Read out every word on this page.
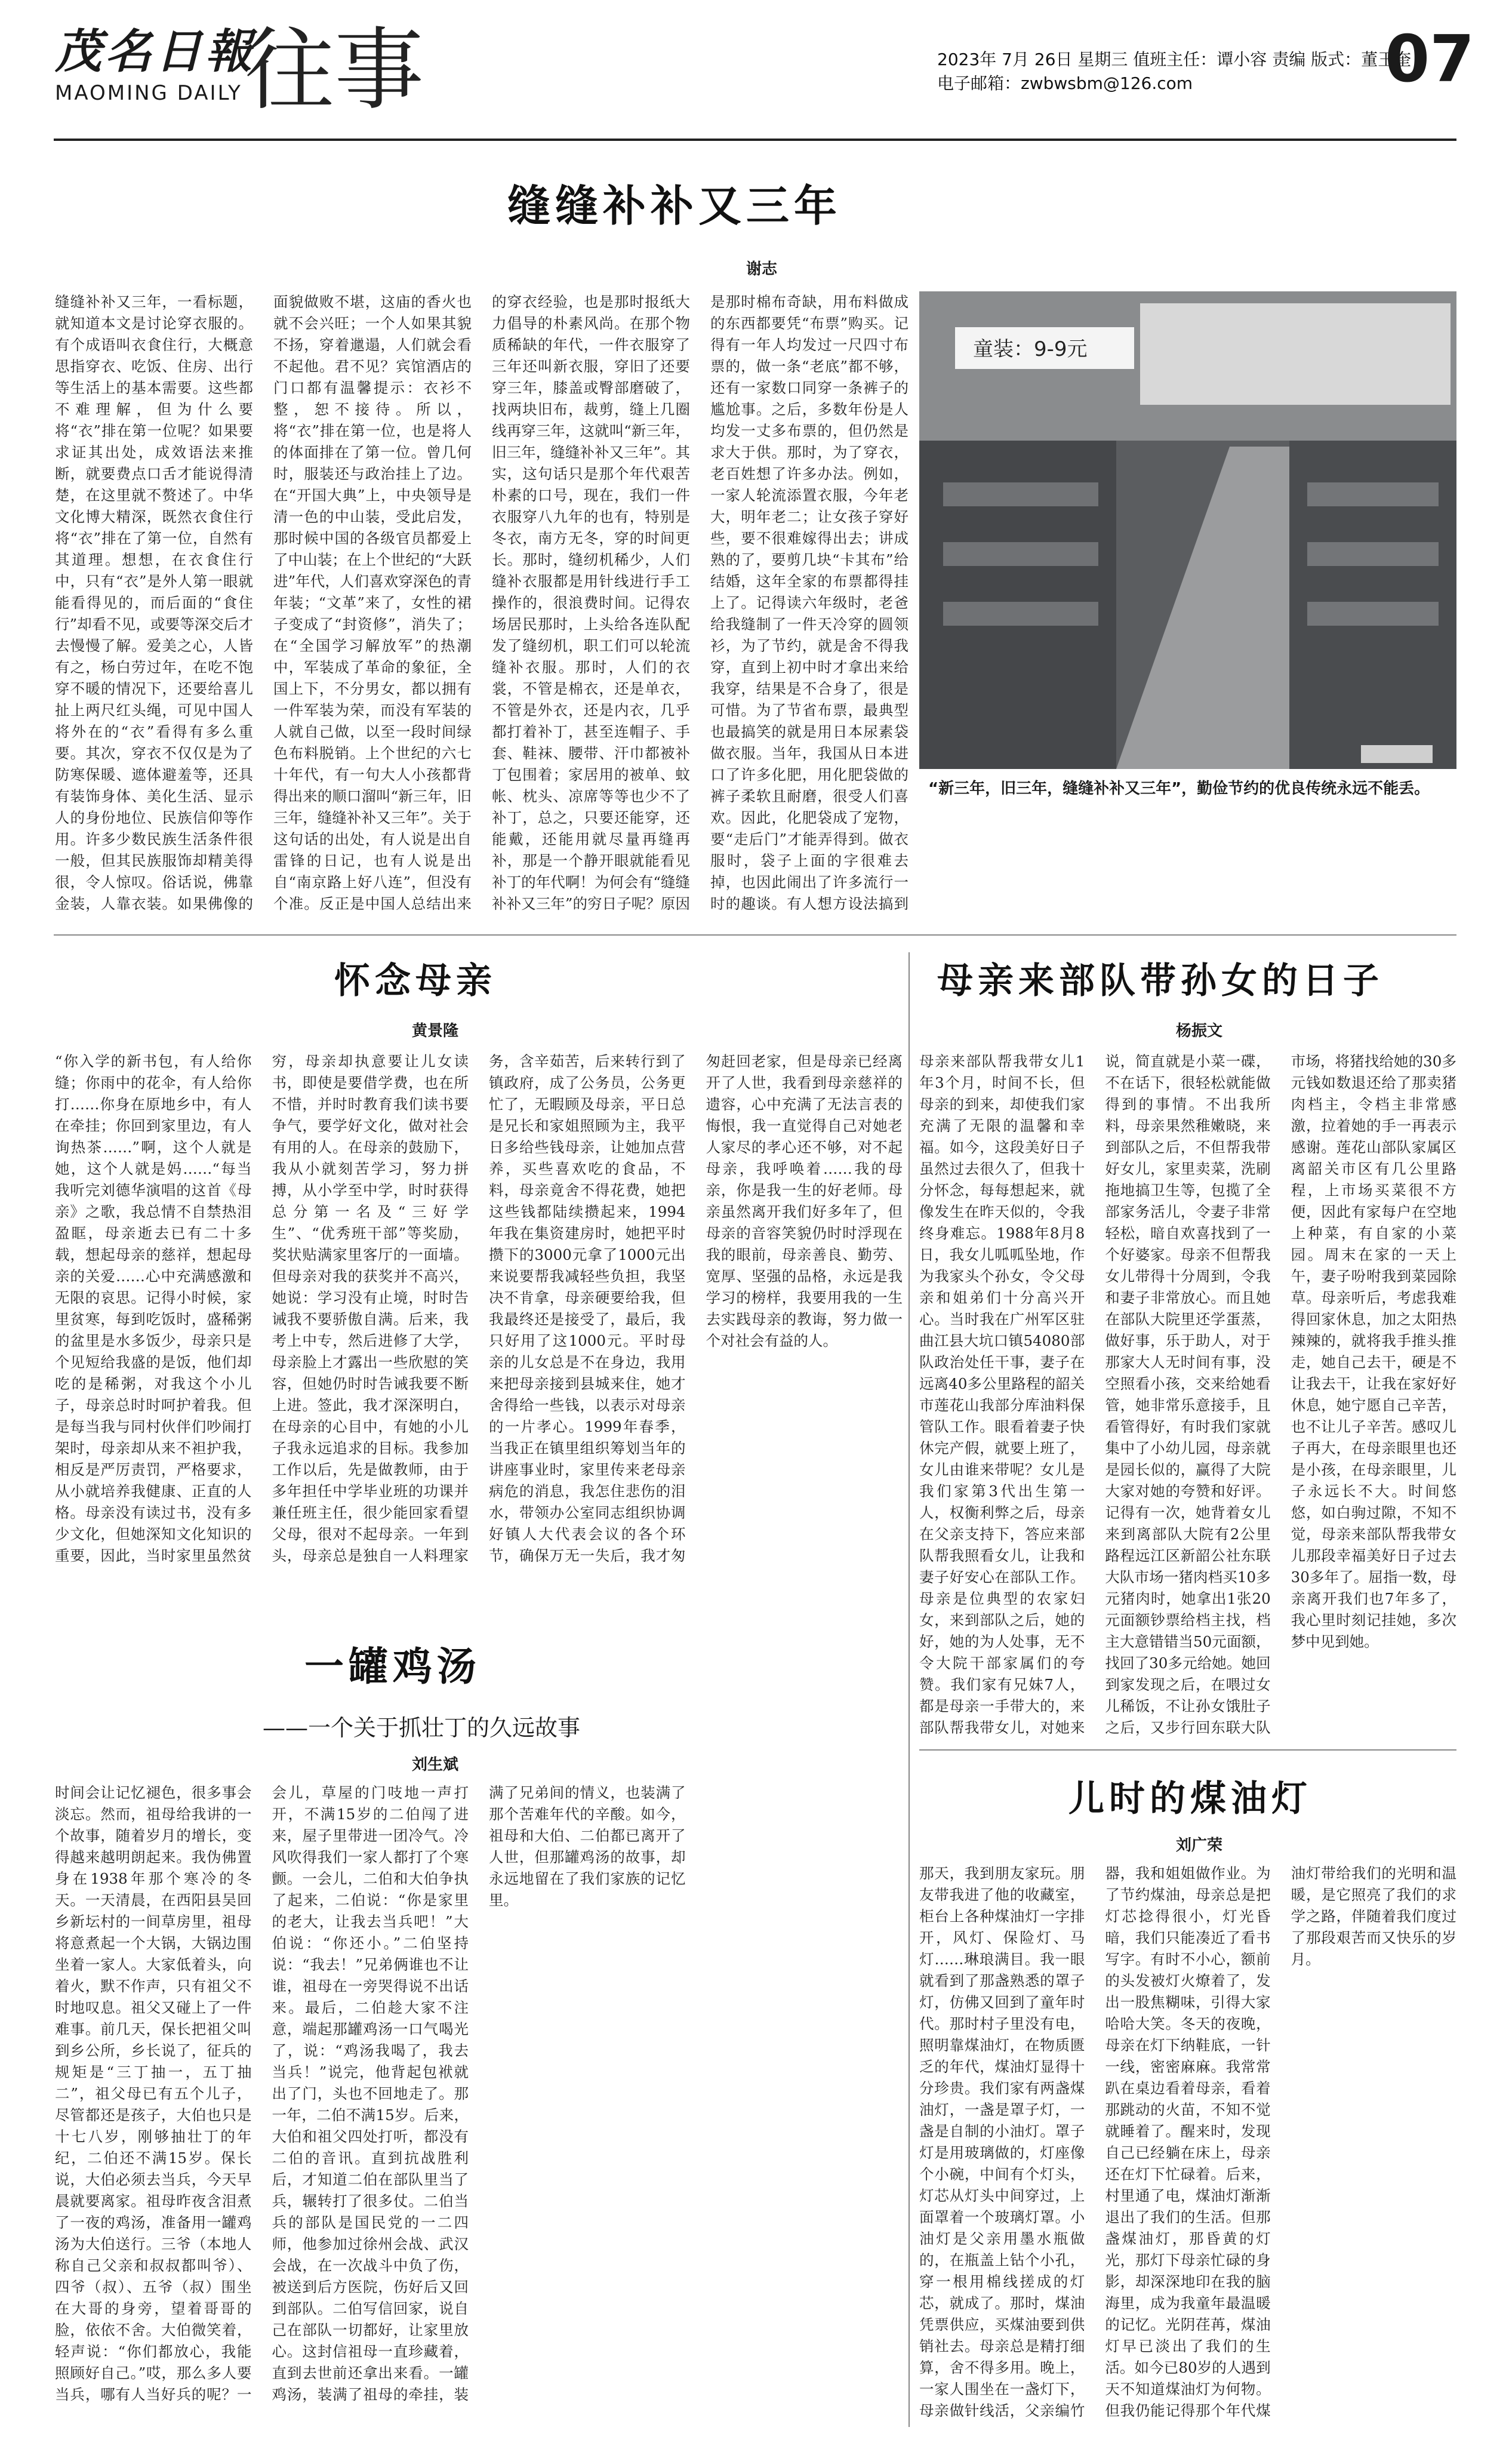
茂名日報
MAOMING DAILY 往事	2023年 7月 26日 星期三 值班主任：谭小容 责编 版式：董玉奎
电子邮箱：zwbwsbm@126.com	07
缝缝补补又三年
谢志
童装：9-9元
“新三年，旧三年，缝缝补补又三年”，勤俭节约的优良传统永远不能丢。
缝缝补补又三年，一看标题，就知道本文是讨论穿衣服的。有个成语叫衣食住行，大概意思指穿衣、吃饭、住房、出行等生活上的基本需要。这些都不难理解，但为什么要将“衣”排在第一位呢？如果要求证其出处，成效语法来推断，就要费点口舌才能说得清楚，在这里就不赘述了。中华文化博大精深，既然衣食住行将“衣”排在了第一位，自然有其道理。想想，在衣食住行中，只有“衣”是外人第一眼就能看得见的，而后面的“食住行”却看不见，或要等深交后才去慢慢了解。爱美之心，人皆有之，杨白劳过年，在吃不饱穿不暖的情况下，还要给喜儿扯上两尺红头绳，可见中国人将外在的“衣”看得有多么重要。其次，穿衣不仅仅是为了防寒保暖、遮体避羞等，还具有装饰身体、美化生活、显示人的身份地位、民族信仰等作用。许多少数民族生活条件很一般，但其民族服饰却精美得很，令人惊叹。俗话说，佛靠金装，人靠衣装。如果佛像的面貌做败不堪，这庙的香火也就不会兴旺；一个人如果其貌不扬，穿着邋遢，人们就会看不起他。君不见？宾馆酒店的门口都有温馨提示：衣衫不整，恕不接待。所以，将“衣”排在第一位，也是将人的体面排在了第一位。曾几何时，服装还与政治挂上了边。在“开国大典”上，中央领导是清一色的中山装，受此启发，那时候中国的各级官员都爱上了中山装；在上个世纪的“大跃进”年代，人们喜欢穿深色的青年装；“文革”来了，女性的裙子变成了“封资修”，消失了；在“全国学习解放军”的热潮中，军装成了革命的象征，全国上下，不分男女，都以拥有一件军装为荣，而没有军装的人就自己做，以至一段时间绿色布料脱销。上个世纪的六七十年代，有一句大人小孩都背得出来的顺口溜叫“新三年，旧三年，缝缝补补又三年”。关于这句话的出处，有人说是出自雷锋的日记，也有人说是出自“南京路上好八连”，但没有个准。反正是中国人总结出来的穿衣经验，也是那时报纸大力倡导的朴素风尚。在那个物质稀缺的年代，一件衣服穿了三年还叫新衣服，穿旧了还要穿三年，膝盖或臀部磨破了，找两块旧布，裁剪，缝上几圈线再穿三年，这就叫“新三年，旧三年，缝缝补补又三年”。其实，这句话只是那个年代艰苦朴素的口号，现在，我们一件衣服穿八九年的也有，特别是冬衣，南方无冬，穿的时间更长。那时，缝纫机稀少，人们缝补衣服都是用针线进行手工操作的，很浪费时间。记得农场居民那时，上头给各连队配发了缝纫机，职工们可以轮流缝补衣服。那时，人们的衣裳，不管是棉衣，还是单衣，不管是外衣，还是内衣，几乎都打着补丁，甚至连帽子、手套、鞋袜、腰带、汗巾都被补丁包围着；家居用的被单、蚊帐、枕头、凉席等等也少不了补丁，总之，只要还能穿，还能戴，还能用就尽量再缝再补，那是一个静开眼就能看见补丁的年代啊！为何会有“缝缝补补又三年”的穷日子呢？原因是那时棉布奇缺，用布料做成的东西都要凭“布票”购买。记得有一年人均发过一尺四寸布票的，做一条“老底”都不够，还有一家数口同穿一条裤子的尴尬事。之后，多数年份是人均发一丈多布票的，但仍然是求大于供。那时，为了穿衣，老百姓想了许多办法。例如，一家人轮流添置衣服，今年老大，明年老二；让女孩子穿好些，要不很难嫁得出去；讲成熟的了，要剪几块“卡其布”给结婚，这年全家的布票都得挂上了。记得读六年级时，老爸给我缝制了一件天冷穿的圆领衫，为了节约，就是舍不得我穿，直到上初中时才拿出来给我穿，结果是不合身了，很是可惜。为了节省布票，最典型也最搞笑的就是用日本尿素袋做衣服。当年，我国从日本进口了许多化肥，用化肥袋做的裤子柔软且耐磨，很受人们喜欢。因此，化肥袋成了宠物，要“走后门”才能弄得到。做衣服时，袋子上面的字很难去掉，也因此闹出了许多流行一时的趣谈。有人想方设法搞到
怀念母亲
黄景隆
“你入学的新书包，有人给你缝；你雨中的花伞，有人给你打……你身在原地乡中，有人在牵挂；你回到家里边，有人询热茶……”啊，这个人就是她，这个人就是妈……“每当我听完刘德华演唱的这首《母亲》之歌，我总情不自禁热泪盈眶，母亲逝去已有二十多载，想起母亲的慈祥，想起母亲的关爱……心中充满感激和无限的哀思。记得小时候，家里贫寒，每到吃饭时，盛稀粥的盆里是水多饭少，母亲只是个见短给我盛的是饭，他们却吃的是稀粥，对我这个小儿子，母亲总时时呵护着我。但是每当我与同村伙伴们吵闹打架时，母亲却从来不袒护我，相反是严厉责罚，严格要求，从小就培养我健康、正直的人格。母亲没有读过书，没有多少文化，但她深知文化知识的重要，因此，当时家里虽然贫穷，母亲却执意要让儿女读书，即使是要借学费，也在所不惜，并时时教育我们读书要争气，要学好文化，做对社会有用的人。在母亲的鼓励下，我从小就刻苦学习，努力拼搏，从小学至中学，时时获得总分第一名及“三好学生”、“优秀班干部”等奖励，奖状贴满家里客厅的一面墙。但母亲对我的获奖并不高兴，她说：学习没有止境，时时告诫我不要骄傲自满。后来，我考上中专，然后进修了大学，母亲脸上才露出一些欣慰的笑容，但她仍时时告诫我要不断上进。签此，我才深深明白，在母亲的心目中，有她的小儿子我永远追求的目标。我参加工作以后，先是做教师，由于多年担任中学毕业班的功课并兼任班主任，很少能回家看望父母，很对不起母亲。一年到头，母亲总是独自一人料理家务，含辛茹苦，后来转行到了镇政府，成了公务员，公务更忙了，无暇顾及母亲，平日总是兄长和家姐照顾为主，我平日多给些钱母亲，让她加点营养，买些喜欢吃的食品，不料，母亲竟舍不得花费，她把这些钱都陆续攒起来，1994年我在集资建房时，她把平时攒下的3000元拿了1000元出来说要帮我减轻些负担，我坚决不肯拿，母亲硬要给我，但我最终还是接受了，最后，我只好用了这1000元。平时母亲的儿女总是不在身边，我用来把母亲接到县城来住，她才舍得给一些钱，以表示对母亲的一片孝心。1999年春季，当我正在镇里组织筹划当年的讲座事业时，家里传来老母亲病危的消息，我怎住悲伤的泪水，带领办公室同志组织协调好镇人大代表会议的各个环节，确保万无一失后，我才匆匆赶回老家，但是母亲已经离开了人世，我看到母亲慈祥的遗容，心中充满了无法言表的悔恨，我一直觉得自己对她老人家尽的孝心还不够，对不起母亲，我呼唤着……我的母亲，你是我一生的好老师。母亲虽然离开我们好多年了，但母亲的音容笑貌仍时时浮现在我的眼前，母亲善良、勤劳、宽厚、坚强的品格，永远是我学习的榜样，我要用我的一生去实践母亲的教诲，努力做一个对社会有益的人。
母亲来部队带孙女的日子
杨振文
母亲来部队帮我带女儿1年3个月，时间不长，但母亲的到来，却使我们家充满了无限的温馨和幸福。如今，这段美好日子虽然过去很久了，但我十分怀念，每每想起来，就像发生在昨天似的，令我终身难忘。1988年8月8日，我女儿呱呱坠地，作为我家头个孙女，令父母亲和姐弟们十分高兴开心。当时我在广州军区驻曲江县大坑口镇54080部队政治处任干事，妻子在远离40多公里路程的韶关市莲花山我部分库油料保管队工作。眼看着妻子快休完产假，就要上班了，女儿由谁来带呢？女儿是我们家第3代出生第一人，权衡利弊之后，母亲在父亲支持下，答应来部队帮我照看女儿，让我和妻子好安心在部队工作。母亲是位典型的农家妇女，来到部队之后，她的好，她的为人处事，无不令大院干部家属们的夸赞。我们家有兄妹7人，都是母亲一手带大的，来部队帮我带女儿，对她来说，简直就是小菜一碟，不在话下，很轻松就能做得到的事情。不出我所料，母亲果然稚嫩晓，来到部队之后，不但帮我带好女儿，家里卖菜，洗刷拖地搞卫生等，包揽了全部家务活儿，令妻子非常轻松，暗自欢喜找到了一个好婆家。母亲不但帮我女儿带得十分周到，令我和妻子非常放心。而且她在部队大院里还学蛋蒸，做好事，乐于助人，对于那家大人无时间有事，没空照看小孩，交来给她看管，她非常乐意接手，且看管得好，有时我们家就集中了小幼儿园，母亲就是园长似的，赢得了大院大家对她的夸赞和好评。记得有一次，她背着女儿来到离部队大院有2公里路程远江区新韶公社东联大队市场一猪肉档买10多元猪肉时，她拿出1张20元面额钞票给档主找，档主大意错错当50元面额，找回了30多元给她。她回到家发现之后，在喂过女儿稀饭，不让孙女饿肚子之后，又步行回东联大队市场，将猪找给她的30多元钱如数退还给了那卖猪肉档主，令档主非常感激，拉着她的手一再表示感谢。莲花山部队家属区离韶关市区有几公里路程，上市场买菜很不方便，因此有家每户在空地上种菜，有自家的小菜园。周末在家的一天上午，妻子吩咐我到菜园除草。母亲听后，考虑我难得回家休息，加之太阳热辣辣的，就将我手推头推走，她自己去干，硬是不让我去干，让我在家好好休息，她宁愿自己辛苦，也不让儿子辛苦。感叹儿子再大，在母亲眼里也还是小孩，在母亲眼里，儿子永远长不大。时间悠悠，如白驹过隙，不知不觉，母亲来部队帮我带女儿那段幸福美好日子过去30多年了。屈指一数，母亲离开我们也7年多了，我心里时刻记挂她，多次梦中见到她。
一罐鸡汤
——一个关于抓壮丁的久远故事
刘生斌
时间会让记忆褪色，很多事会淡忘。然而，祖母给我讲的一个故事，随着岁月的增长，变得越来越明朗起来。我伪佛置身在1938年那个寒冷的冬天。一天清晨，在西阳县吴回乡新坛村的一间草房里，祖母将意煮起一个大锅，大锅边围坐着一家人。大家低着头，向着火，默不作声，只有祖父不时地叹息。祖父又碰上了一件难事。前几天，保长把祖父叫到乡公所，乡长说了，征兵的规矩是“三丁抽一，五丁抽二”，祖父母已有五个儿子，尽管都还是孩子，大伯也只是十七八岁，刚够抽壮丁的年纪，二伯还不满15岁。保长说，大伯必须去当兵，今天早晨就要离家。祖母昨夜含泪煮了一夜的鸡汤，准备用一罐鸡汤为大伯送行。三爷（本地人称自己父亲和叔叔都叫爷）、四爷（叔）、五爷（叔）围坐在大哥的身旁，望着哥哥的脸，依依不舍。大伯微笑着，轻声说：“你们都放心，我能照顾好自己。”哎，那么多人要当兵，哪有人当好兵的呢？一会儿，草屋的门吱地一声打开，不满15岁的二伯闯了进来，屋子里带进一团冷气。冷风吹得我们一家人都打了个寒颤。一会儿，二伯和大伯争执了起来，二伯说：“你是家里的老大，让我去当兵吧！”大伯说：“你还小。”二伯坚持说：“我去！”兄弟俩谁也不让谁，祖母在一旁哭得说不出话来。最后，二伯趁大家不注意，端起那罐鸡汤一口气喝光了，说：“鸡汤我喝了，我去当兵！”说完，他背起包袱就出了门，头也不回地走了。那一年，二伯不满15岁。后来，大伯和祖父四处打听，都没有二伯的音讯。直到抗战胜利后，才知道二伯在部队里当了兵，辗转打了很多仗。二伯当兵的部队是国民党的一二四师，他参加过徐州会战、武汉会战，在一次战斗中负了伤，被送到后方医院，伤好后又回到部队。二伯写信回家，说自己在部队一切都好，让家里放心。这封信祖母一直珍藏着，直到去世前还拿出来看。一罐鸡汤，装满了祖母的牵挂，装满了兄弟间的情义，也装满了那个苦难年代的辛酸。如今，祖母和大伯、二伯都已离开了人世，但那罐鸡汤的故事，却永远地留在了我们家族的记忆里。
儿时的煤油灯
刘广荣
那天，我到朋友家玩。朋友带我进了他的收藏室，柜台上各种煤油灯一字排开，风灯、保险灯、马灯……琳琅满目。我一眼就看到了那盏熟悉的罩子灯，仿佛又回到了童年时代。那时村子里没有电，照明靠煤油灯，在物质匮乏的年代，煤油灯显得十分珍贵。我们家有两盏煤油灯，一盏是罩子灯，一盏是自制的小油灯。罩子灯是用玻璃做的，灯座像个小碗，中间有个灯头，灯芯从灯头中间穿过，上面罩着一个玻璃灯罩。小油灯是父亲用墨水瓶做的，在瓶盖上钻个小孔，穿一根用棉线搓成的灯芯，就成了。那时，煤油凭票供应，买煤油要到供销社去。母亲总是精打细算，舍不得多用。晚上，一家人围坐在一盏灯下，母亲做针线活，父亲编竹器，我和姐姐做作业。为了节约煤油，母亲总是把灯芯捻得很小，灯光昏暗，我们只能凑近了看书写字。有时不小心，额前的头发被灯火燎着了，发出一股焦糊味，引得大家哈哈大笑。冬天的夜晚，母亲在灯下纳鞋底，一针一线，密密麻麻。我常常趴在桌边看着母亲，看着那跳动的火苗，不知不觉就睡着了。醒来时，发现自己已经躺在床上，母亲还在灯下忙碌着。后来，村里通了电，煤油灯渐渐退出了我们的生活。但那盏煤油灯，那昏黄的灯光，那灯下母亲忙碌的身影，却深深地印在我的脑海里，成为我童年最温暖的记忆。光阴荏苒，煤油灯早已淡出了我们的生活。如今已80岁的人遇到天不知道煤油灯为何物。但我仍能记得那个年代煤油灯带给我们的光明和温暖，是它照亮了我们的求学之路，伴随着我们度过了那段艰苦而又快乐的岁月。
